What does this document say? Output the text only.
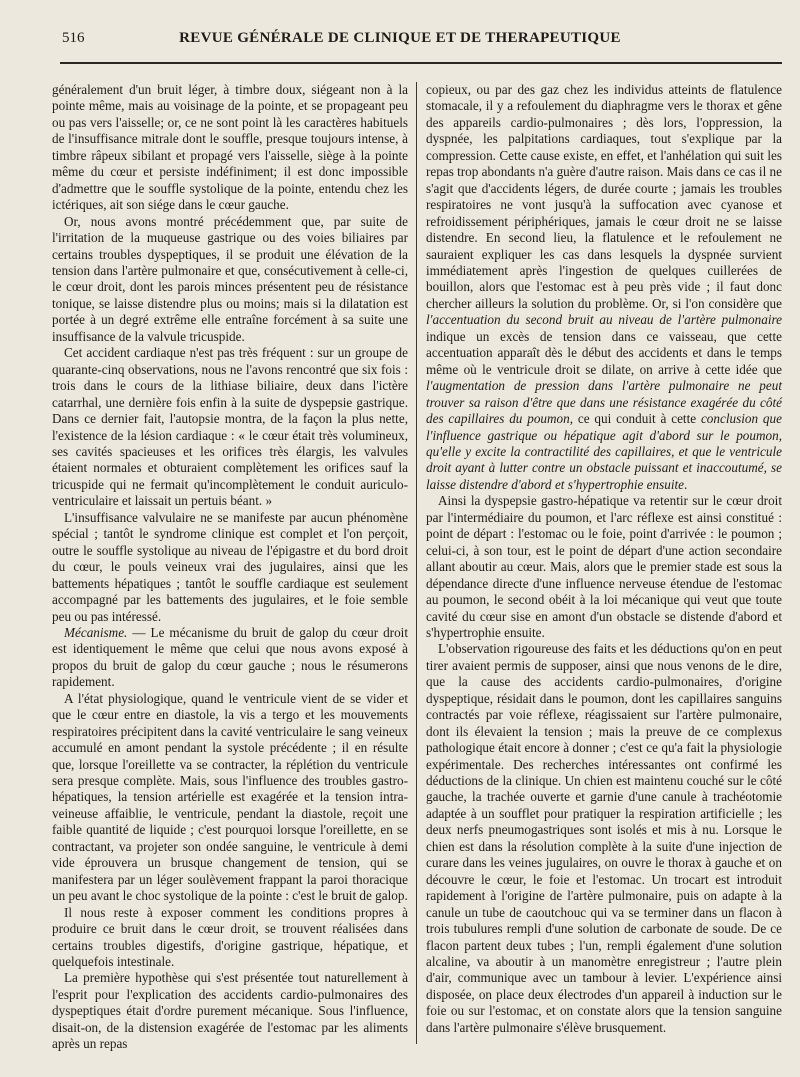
516	REVUE GÉNÉRALE DE CLINIQUE ET DE THERAPEUTIQUE

généralement d'un bruit léger, à timbre doux, siégeant non à la pointe même, mais au voisinage de la pointe, et se propageant peu ou pas vers l'aisselle; or, ce ne sont point là les caractères habituels de l'insuffisance mitrale dont le souffle, presque toujours intense, à timbre râpeux sibilant et propagé vers l'aisselle, siège à la pointe même du cœur et persiste indéfiniment; il est donc impossible d'admettre que le souffle systolique de la pointe, entendu chez les ictériques, ait son siége dans le cœur gauche.

Or, nous avons montré précédemment que, par suite de l'irritation de la muqueuse gastrique ou des voies biliaires par certains troubles dyspeptiques, il se produit une élévation de la tension dans l'artère pulmonaire et que, consécutivement à celle-ci, le cœur droit, dont les parois minces présentent peu de résistance tonique, se laisse distendre plus ou moins; mais si la dilatation est portée à un degré extrême elle entraîne forcément à sa suite une insuffisance de la valvule tricuspide.

Cet accident cardiaque n'est pas très fréquent : sur un groupe de quarante-cinq observations, nous ne l'avons rencontré que six fois : trois dans le cours de la lithiase biliaire, deux dans l'ictère catarrhal, une dernière fois enfin à la suite de dyspepsie gastrique. Dans ce dernier fait, l'autopsie montra, de la façon la plus nette, l'existence de la lésion cardiaque : « le cœur était très volumineux, ses cavités spacieuses et les orifices très élargis, les valvules étaient normales et obturaient complètement les orifices sauf la tricuspide qui ne fermait qu'incomplètement le conduit auriculo-ventriculaire et laissait un pertuis béant. »

L'insuffisance valvulaire ne se manifeste par aucun phénomène spécial ; tantôt le syndrome clinique est complet et l'on perçoit, outre le souffle systolique au niveau de l'épigastre et du bord droit du cœur, le pouls veineux vrai des jugulaires, ainsi que les battements hépatiques ; tantôt le souffle cardiaque est seulement accompagné par les battements des jugulaires, et le foie semble peu ou pas intéressé.

Mécanisme. — Le mécanisme du bruit de galop du cœur droit est identiquement le même que celui que nous avons exposé à propos du bruit de galop du cœur gauche ; nous le résumerons rapidement.

A l'état physiologique, quand le ventricule vient de se vider et que le cœur entre en diastole, la vis a tergo et les mouvements respiratoires précipitent dans la cavité ventriculaire le sang veineux accumulé en amont pendant la systole précédente ; il en résulte que, lorsque l'oreillette va se contracter, la réplétion du ventricule sera presque complète. Mais, sous l'influence des troubles gastro-hépatiques, la tension artérielle est exagérée et la tension intra-veineuse affaiblie, le ventricule, pendant la diastole, reçoit une faible quantité de liquide ; c'est pourquoi lorsque l'oreillette, en se contractant, va projeter son ondée sanguine, le ventricule à demi vide éprouvera un brusque changement de tension, qui se manifestera par un léger soulèvement frappant la paroi thoracique un peu avant le choc systolique de la pointe : c'est le bruit de galop.

Il nous reste à exposer comment les conditions propres à produire ce bruit dans le cœur droit, se trouvent réalisées dans certains troubles digestifs, d'origine gastrique, hépatique, et quelquefois intestinale.

La première hypothèse qui s'est présentée tout naturellement à l'esprit pour l'explication des accidents cardio-pulmonaires des dyspeptiques était d'ordre purement mécanique. Sous l'influence, disait-on, de la distension exagérée de l'estomac par les aliments après un repas

copieux, ou par des gaz chez les individus atteints de flatulence stomacale, il y a refoulement du diaphragme vers le thorax et gêne des appareils cardio-pulmonaires ; dès lors, l'oppression, la dyspnée, les palpitations cardiaques, tout s'explique par la compression. Cette cause existe, en effet, et l'anhélation qui suit les repas trop abondants n'a guère d'autre raison. Mais dans ce cas il ne s'agit que d'accidents légers, de durée courte ; jamais les troubles respiratoires ne vont jusqu'à la suffocation avec cyanose et refroidissement périphériques, jamais le cœur droit ne se laisse distendre. En second lieu, la flatulence et le refoulement ne sauraient expliquer les cas dans lesquels la dyspnée survient immédiatement après l'ingestion de quelques cuillerées de bouillon, alors que l'estomac est à peu près vide ; il faut donc chercher ailleurs la solution du problème. Or, si l'on considère que l'accentuation du second bruit au niveau de l'artère pulmonaire indique un excès de tension dans ce vaisseau, que cette accentuation apparaît dès le début des accidents et dans le temps même où le ventricule droit se dilate, on arrive à cette idée que l'augmentation de pression dans l'artère pulmonaire ne peut trouver sa raison d'être que dans une résistance exagérée du côté des capillaires du poumon, ce qui conduit à cette conclusion que l'influence gastrique ou hépatique agit d'abord sur le poumon, qu'elle y excite la contractilité des capillaires, et que le ventricule droit ayant à lutter contre un obstacle puissant et inaccoutumé, se laisse distendre d'abord et s'hypertrophie ensuite.

Ainsi la dyspepsie gastro-hépatique va retentir sur le cœur droit par l'intermédiaire du poumon, et l'arc réflexe est ainsi constitué : point de départ : l'estomac ou le foie, point d'arrivée : le poumon ; celui-ci, à son tour, est le point de départ d'une action secondaire allant aboutir au cœur. Mais, alors que le premier stade est sous la dépendance directe d'une influence nerveuse étendue de l'estomac au poumon, le second obéit à la loi mécanique qui veut que toute cavité du cœur sise en amont d'un obstacle se distende d'abord et s'hypertrophie ensuite.

L'observation rigoureuse des faits et les déductions qu'on en peut tirer avaient permis de supposer, ainsi que nous venons de le dire, que la cause des accidents cardio-pulmonaires, d'origine dyspeptique, résidait dans le poumon, dont les capillaires sanguins contractés par voie réflexe, réagissaient sur l'artère pulmonaire, dont ils élevaient la tension ; mais la preuve de ce complexus pathologique était encore à donner ; c'est ce qu'a fait la physiologie expérimentale. Des recherches intéressantes ont confirmé les déductions de la clinique. Un chien est maintenu couché sur le côté gauche, la trachée ouverte et garnie d'une canule à trachéotomie adaptée à un soufflet pour pratiquer la respiration artificielle ; les deux nerfs pneumogastriques sont isolés et mis à nu. Lorsque le chien est dans la résolution complète à la suite d'une injection de curare dans les veines jugulaires, on ouvre le thorax à gauche et on découvre le cœur, le foie et l'estomac. Un trocart est introduit rapidement à l'origine de l'artère pulmonaire, puis on adapte à la canule un tube de caoutchouc qui va se terminer dans un flacon à trois tubulures rempli d'une solution de carbonate de soude. De ce flacon partent deux tubes ; l'un, rempli également d'une solution alcaline, va aboutir à un manomètre enregistreur ; l'autre plein d'air, communique avec un tambour à levier. L'expérience ainsi disposée, on place deux électrodes d'un appareil à induction sur le foie ou sur l'estomac, et on constate alors que la tension sanguine dans l'artère pulmonaire s'élève brusquement.
